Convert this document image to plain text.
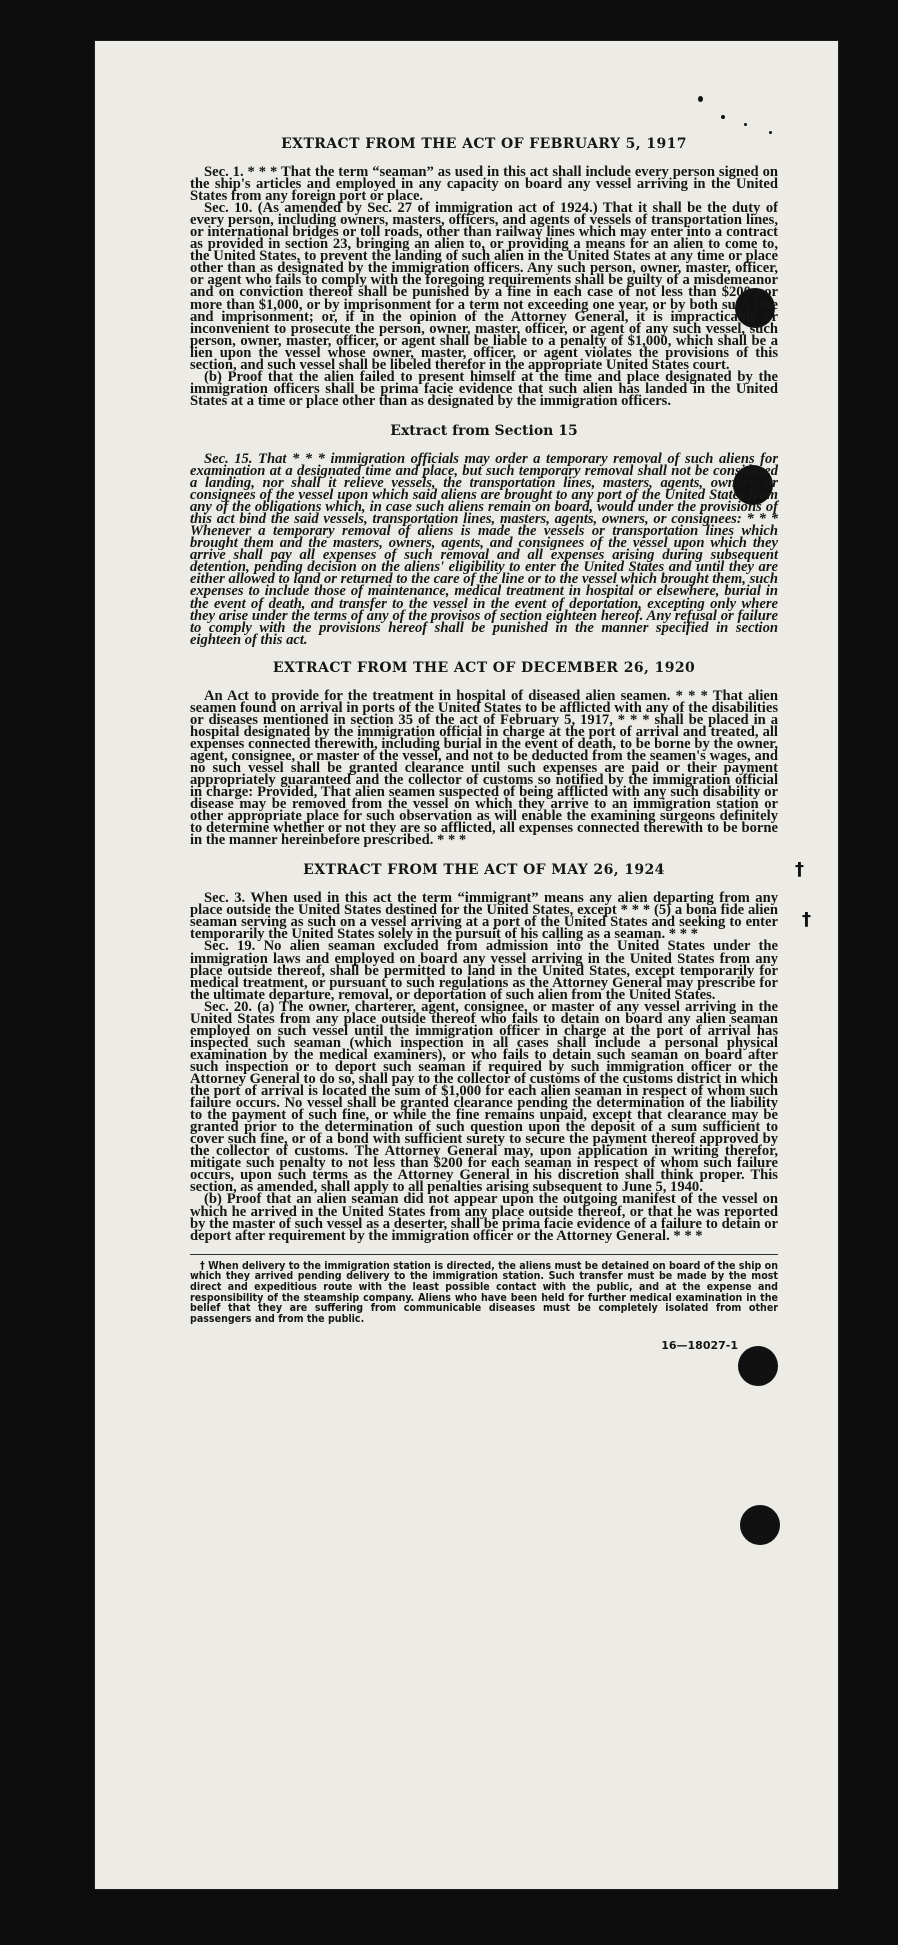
†
†
EXTRACT FROM THE ACT OF FEBRUARY 5, 1917

Sec. 1. * * * That the term “seaman” as used in this act shall include every person signed on the ship's articles and employed in any capacity on board any vessel arriving in the United States from any foreign port or place.

Sec. 10. (As amended by Sec. 27 of immigration act of 1924.) That it shall be the duty of every person, including owners, masters, officers, and agents of vessels of transportation lines, or international bridges or toll roads, other than railway lines which may enter into a contract as provided in section 23, bringing an alien to, or providing a means for an alien to come to, the United States, to prevent the landing of such alien in the United States at any time or place other than as designated by the immigration officers. Any such person, owner, master, officer, or agent who fails to comply with the foregoing requirements shall be guilty of a misdemeanor and on conviction thereof shall be punished by a fine in each case of not less than $200 nor more than $1,000, or by imprisonment for a term not exceeding one year, or by both such fine and imprisonment; or, if in the opinion of the Attorney General, it is impracticable or inconvenient to prosecute the person, owner, master, officer, or agent of any such vessel, such person, owner, master, officer, or agent shall be liable to a penalty of $1,000, which shall be a lien upon the vessel whose owner, master, officer, or agent violates the provisions of this section, and such vessel shall be libeled therefor in the appropriate United States court.

(b) Proof that the alien failed to present himself at the time and place designated by the immigration officers shall be prima facie evidence that such alien has landed in the United States at a time or place other than as designated by the immigration officers.

Extract from Section 15

Sec. 15. That * * * immigration officials may order a temporary removal of such aliens for examination at a designated time and place, but such temporary removal shall not be considered a landing, nor shall it relieve vessels, the transportation lines, masters, agents, owners, or consignees of the vessel upon which said aliens are brought to any port of the United States from any of the obligations which, in case such aliens remain on board, would under the provisions of this act bind the said vessels, transportation lines, masters, agents, owners, or consignees: * * * Whenever a temporary removal of aliens is made the vessels or transportation lines which brought them and the masters, owners, agents, and consignees of the vessel upon which they arrive shall pay all expenses of such removal and all expenses arising during subsequent detention, pending decision on the aliens' eligibility to enter the United States and until they are either allowed to land or returned to the care of the line or to the vessel which brought them, such expenses to include those of maintenance, medical treatment in hospital or elsewhere, burial in the event of death, and transfer to the vessel in the event of deportation, excepting only where they arise under the terms of any of the provisos of section eighteen hereof. Any refusal or failure to comply with the provisions hereof shall be punished in the manner specified in section eighteen of this act.

EXTRACT FROM THE ACT OF DECEMBER 26, 1920

An Act to provide for the treatment in hospital of diseased alien seamen. * * * That alien seamen found on arrival in ports of the United States to be afflicted with any of the disabilities or diseases mentioned in section 35 of the act of February 5, 1917, * * * shall be placed in a hospital designated by the immigration official in charge at the port of arrival and treated, all expenses connected therewith, including burial in the event of death, to be borne by the owner, agent, consignee, or master of the vessel, and not to be deducted from the seamen's wages, and no such vessel shall be granted clearance until such expenses are paid or their payment appropriately guaranteed and the collector of customs so notified by the immigration official in charge: Provided, That alien seamen suspected of being afflicted with any such disability or disease may be removed from the vessel on which they arrive to an immigration station or other appropriate place for such observation as will enable the examining surgeons definitely to determine whether or not they are so afflicted, all expenses connected therewith to be borne in the manner hereinbefore prescribed. * * *

EXTRACT FROM THE ACT OF MAY 26, 1924

Sec. 3. When used in this act the term “immigrant” means any alien departing from any place outside the United States destined for the United States, except * * * (5) a bona fide alien seaman serving as such on a vessel arriving at a port of the United States and seeking to enter temporarily the United States solely in the pursuit of his calling as a seaman. * * *

Sec. 19. No alien seaman excluded from admission into the United States under the immigration laws and employed on board any vessel arriving in the United States from any place outside thereof, shall be permitted to land in the United States, except temporarily for medical treatment, or pursuant to such regulations as the Attorney General may prescribe for the ultimate departure, removal, or deportation of such alien from the United States.

Sec. 20. (a) The owner, charterer, agent, consignee, or master of any vessel arriving in the United States from any place outside thereof who fails to detain on board any alien seaman employed on such vessel until the immigration officer in charge at the port of arrival has inspected such seaman (which inspection in all cases shall include a personal physical examination by the medical examiners), or who fails to detain such seaman on board after such inspection or to deport such seaman if required by such immigration officer or the Attorney General to do so, shall pay to the collector of customs of the customs district in which the port of arrival is located the sum of $1,000 for each alien seaman in respect of whom such failure occurs. No vessel shall be granted clearance pending the determination of the liability to the payment of such fine, or while the fine remains unpaid, except that clearance may be granted prior to the determination of such question upon the deposit of a sum sufficient to cover such fine, or of a bond with sufficient surety to secure the payment thereof approved by the collector of customs. The Attorney General may, upon application in writing therefor, mitigate such penalty to not less than $200 for each seaman in respect of whom such failure occurs, upon such terms as the Attorney General in his discretion shall think proper. This section, as amended, shall apply to all penalties arising subsequent to June 5, 1940.

(b) Proof that an alien seaman did not appear upon the outgoing manifest of the vessel on which he arrived in the United States from any place outside thereof, or that he was reported by the master of such vessel as a deserter, shall be prima facie evidence of a failure to detain or deport after requirement by the immigration officer or the Attorney General. * * *

† When delivery to the immigration station is directed, the aliens must be detained on board of the ship on which they arrived pending delivery to the immigration station. Such transfer must be made by the most direct and expeditious route with the least possible contact with the public, and at the expense and responsibility of the steamship company. Aliens who have been held for further medical examination in the belief that they are suffering from communicable diseases must be completely isolated from other passengers and from the public.

16—18027-1
